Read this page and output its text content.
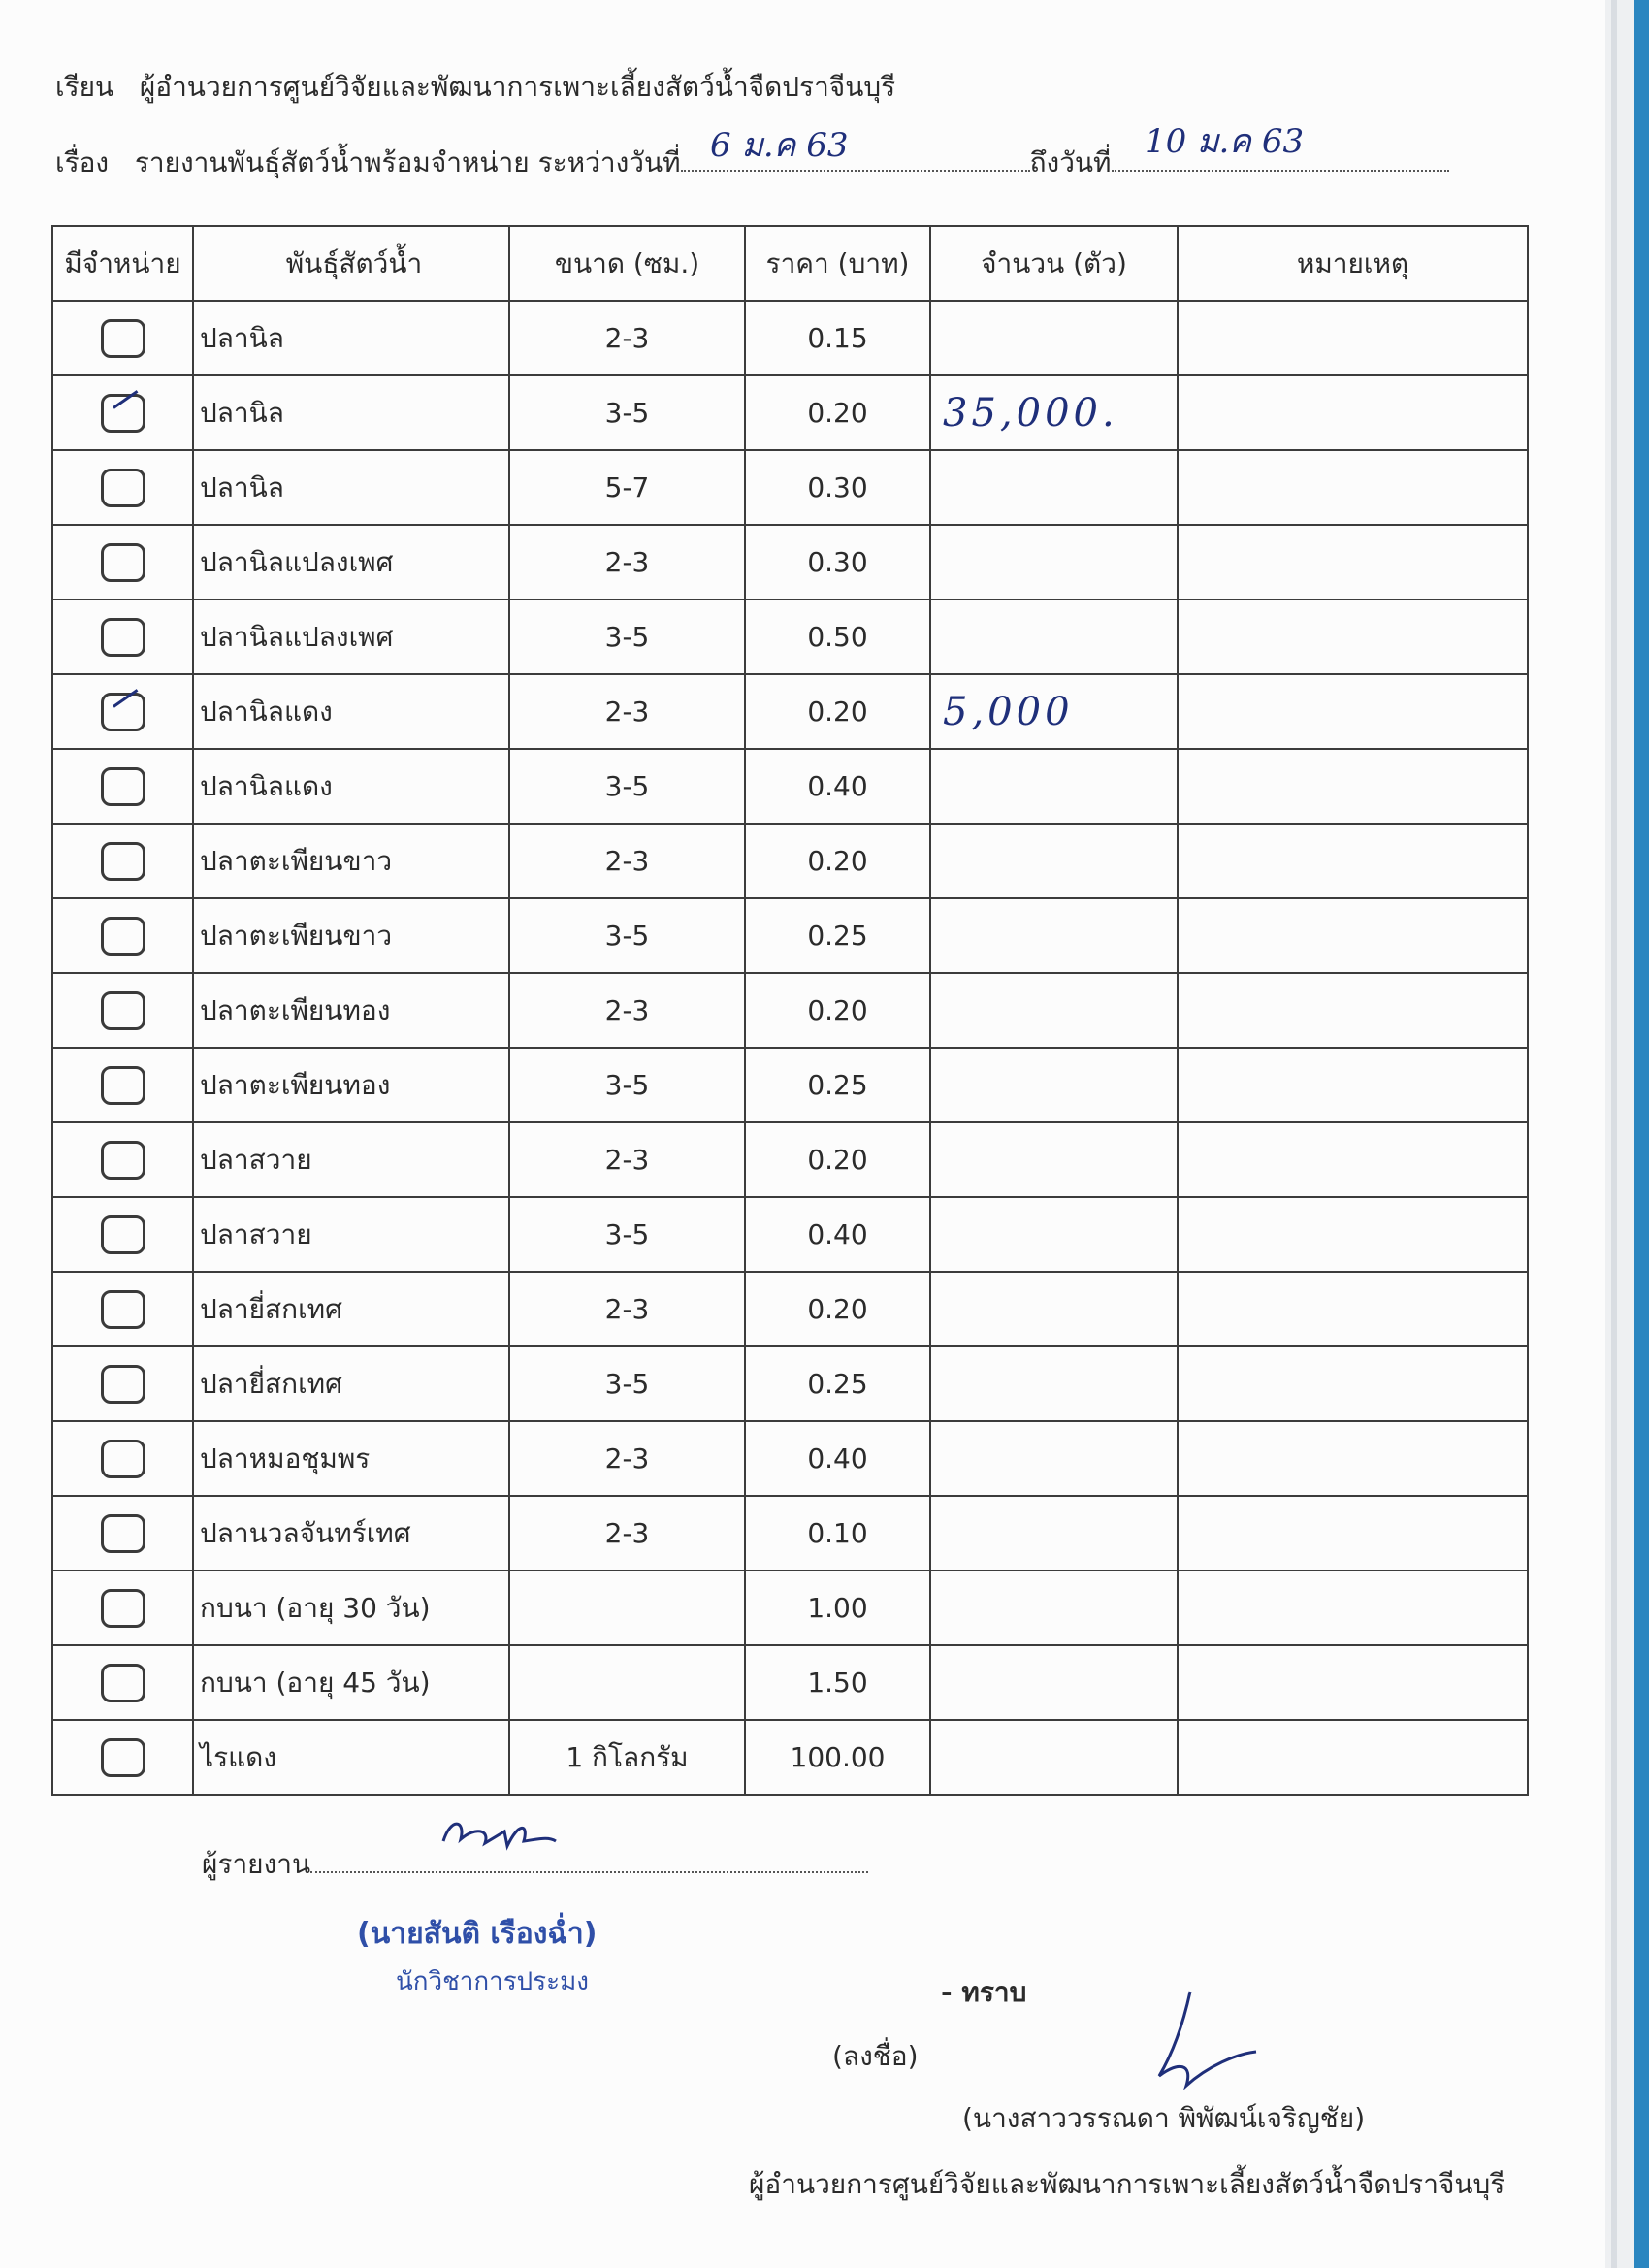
เรียน ผู้อำนวยการศูนย์วิจัยและพัฒนาการเพาะเลี้ยงสัตว์น้ำจืดปราจีนบุรี
เรื่อง รายงานพันธุ์สัตว์น้ำพร้อมจำหน่าย ระหว่างวันที่	ถึงวันที่
6 ม.ค 63	10 ม.ค 63
มีจำหน่าย	พันธุ์สัตว์น้ำ	ขนาด (ซม.)	ราคา (บาท)	จำนวน (ตัว)	หมายเหตุ
	ปลานิล	2-3	0.15		

	ปลานิล	3-5	0.20	35,000.	
	ปลานิล	5-7	0.30		
	ปลานิลแปลงเพศ	2-3	0.30		
	ปลานิลแปลงเพศ	3-5	0.50		

	ปลานิลแดง	2-3	0.20	5,000	
	ปลานิลแดง	3-5	0.40		
	ปลาตะเพียนขาว	2-3	0.20		
	ปลาตะเพียนขาว	3-5	0.25		
	ปลาตะเพียนทอง	2-3	0.20		
	ปลาตะเพียนทอง	3-5	0.25		
	ปลาสวาย	2-3	0.20		
	ปลาสวาย	3-5	0.40		
	ปลายี่สกเทศ	2-3	0.20		
	ปลายี่สกเทศ	3-5	0.25		
	ปลาหมอชุมพร	2-3	0.40		
	ปลานวลจันทร์เทศ	2-3	0.10		
	กบนา (อายุ 30 วัน)		1.00		
	กบนา (อายุ 45 วัน)		1.50		
	ไรแดง	1 กิโลกรัม	100.00		
ผู้รายงาน
(นายสันติ เรืองฉ่ำ)
นักวิชาการประมง	- ทราบ
(ลงชื่อ)
(นางสาววรรณดา พิพัฒน์เจริญชัย)
ผู้อำนวยการศูนย์วิจัยและพัฒนาการเพาะเลี้ยงสัตว์น้ำจืดปราจีนบุรี
